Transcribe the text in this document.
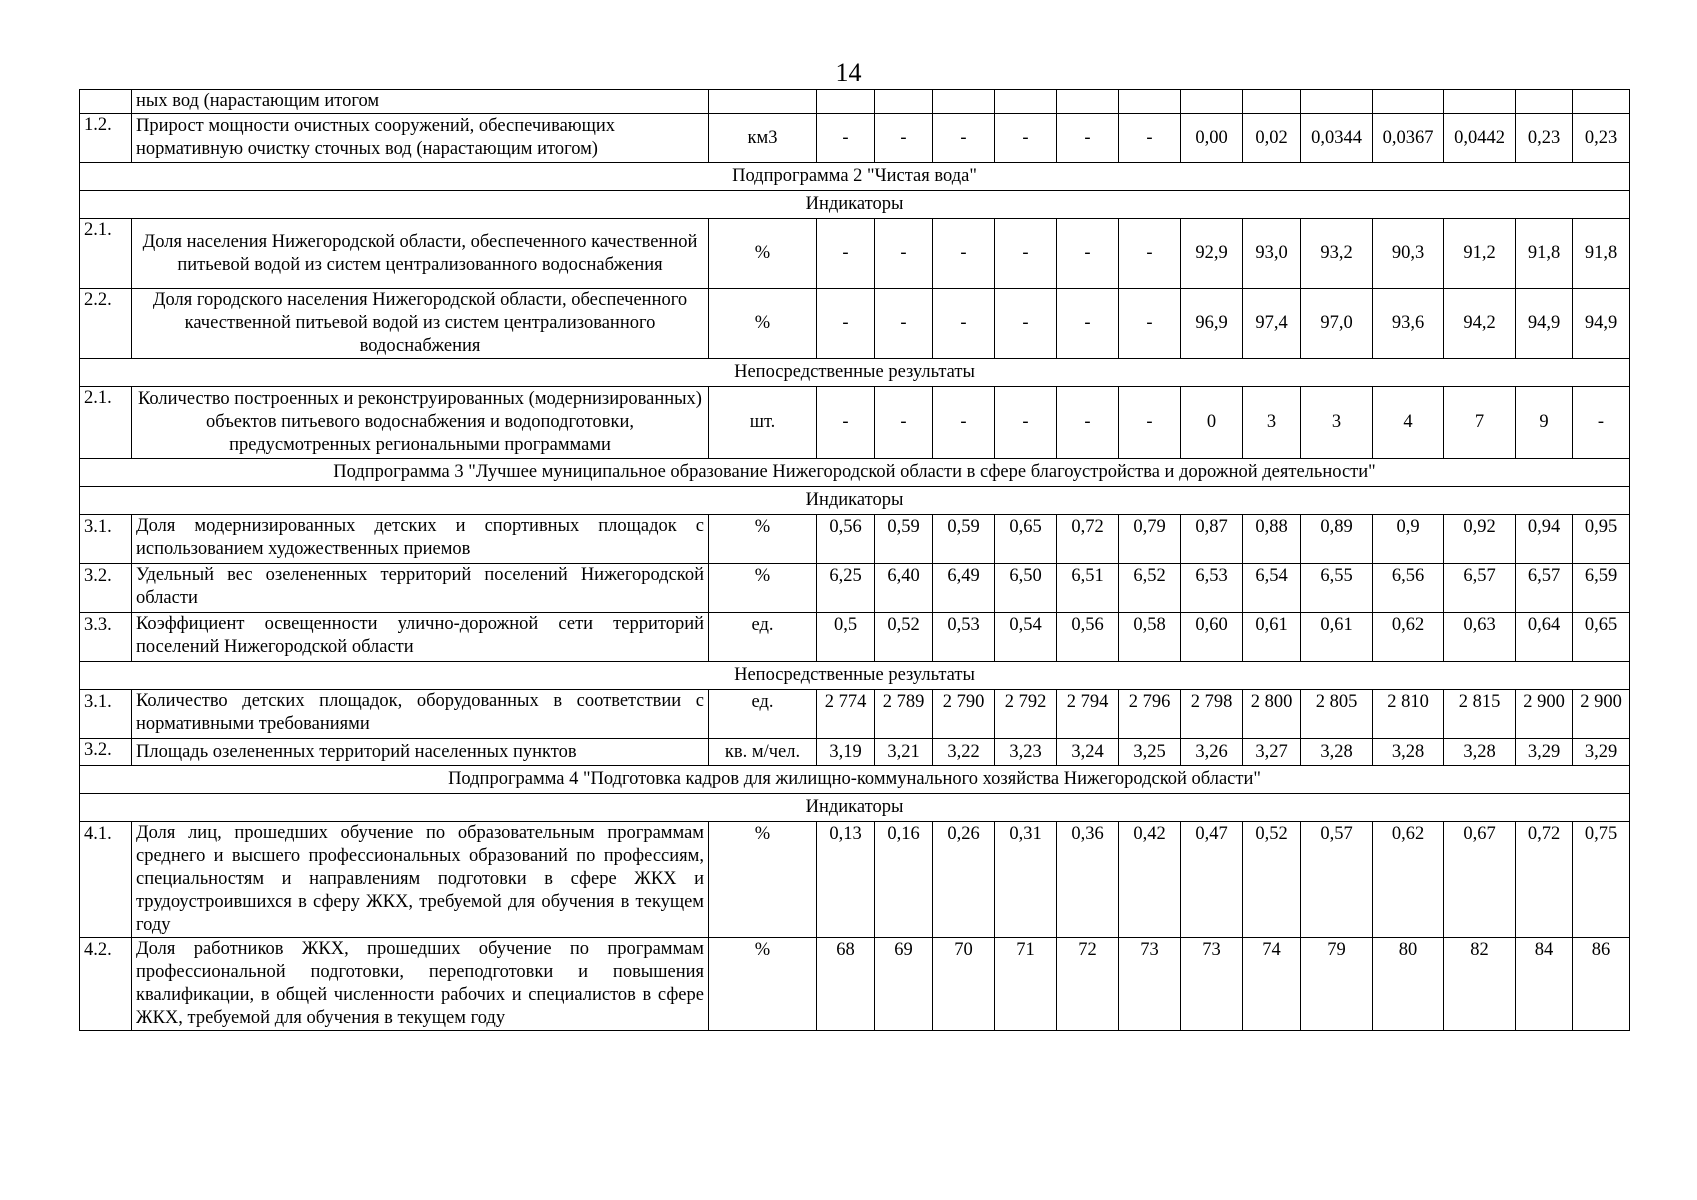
14
	ных вод (нарастающим итогом														
1.2.	Прирост мощности очистных сооружений, обеспечивающих нормативную очистку сточных вод (нарастающим итогом)	км3	-	-	-	-	-	-	0,00	0,02	0,0344	0,0367	0,0442	0,23	0,23
Подпрограмма 2 "Чистая вода"															
Индикаторы															
2.1.	Доля населения Нижегородской области, обеспеченного качественной питьевой водой из систем централизованного водоснабжения	%	-	-	-	-	-	-	92,9	93,0	93,2	90,3	91,2	91,8	91,8
2.2.	Доля городского населения Нижегородской области, обеспеченного качественной питьевой водой из систем централизованного водоснабжения	%	-	-	-	-	-	-	96,9	97,4	97,0	93,6	94,2	94,9	94,9
Непосредственные результаты															
2.1.	Количество построенных и реконструированных (модернизированных) объектов питьевого водоснабжения и водоподготовки, предусмотренных региональными программами	шт.	-	-	-	-	-	-	0	3	3	4	7	9	-
Подпрограмма 3 "Лучшее муниципальное образование Нижегородской области в сфере благоустройства и дорожной деятельности"															
Индикаторы															
3.1.	Доля модернизированных детских и спортивных площадок с использованием художественных приемов	%	0,56	0,59	0,59	0,65	0,72	0,79	0,87	0,88	0,89	0,9	0,92	0,94	0,95
3.2.	Удельный вес озелененных территорий поселений Нижегородской области	%	6,25	6,40	6,49	6,50	6,51	6,52	6,53	6,54	6,55	6,56	6,57	6,57	6,59
3.3.	Коэффициент освещенности улично-дорожной сети территорий поселений Нижегородской области	ед.	0,5	0,52	0,53	0,54	0,56	0,58	0,60	0,61	0,61	0,62	0,63	0,64	0,65
Непосредственные результаты															
3.1.	Количество детских площадок, оборудованных в соответствии с нормативными требованиями	ед.	2 774	2 789	2 790	2 792	2 794	2 796	2 798	2 800	2 805	2 810	2 815	2 900	2 900
3.2.	Площадь озелененных территорий населенных пунктов	кв. м/чел.	3,19	3,21	3,22	3,23	3,24	3,25	3,26	3,27	3,28	3,28	3,28	3,29	3,29
Подпрограмма 4 "Подготовка кадров для жилищно-коммунального хозяйства Нижегородской области"															
Индикаторы															
4.1.	Доля лиц, прошедших обучение по образовательным программам среднего и высшего профессиональных образований по профессиям, специальностям и направлениям подготовки в сфере ЖКХ и трудоустроившихся в сферу ЖКХ, требуемой для обучения в текущем году	%	0,13	0,16	0,26	0,31	0,36	0,42	0,47	0,52	0,57	0,62	0,67	0,72	0,75
4.2.	Доля работников ЖКХ, прошедших обучение по программам профессиональной подготовки, переподготовки и повышения квалификации, в общей численности рабочих и специалистов в сфере ЖКХ, требуемой для обучения в текущем году	%	68	69	70	71	72	73	73	74	79	80	82	84	86
